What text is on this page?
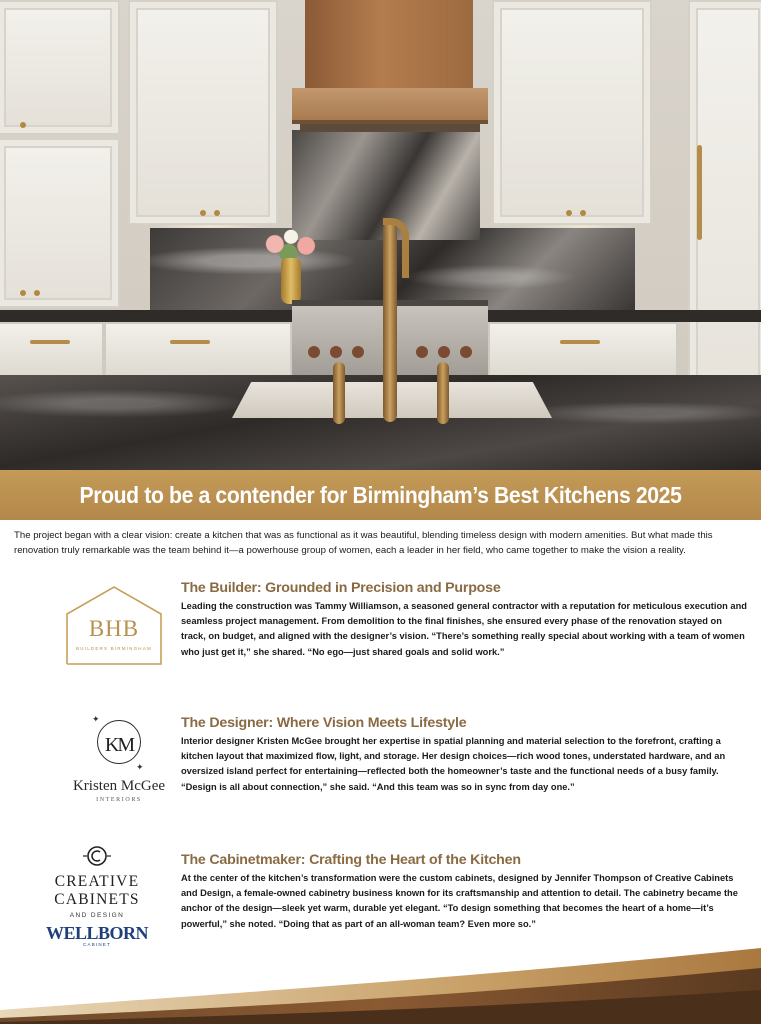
Proud to be a contender for Birmingham’s Best Kitchens 2025

The project began with a clear vision: create a kitchen that was as functional as it was beautiful, blending timeless design with modern amenities. But what made this renovation truly remarkable was the team behind it—a powerhouse group of women, each a leader in her field, who came together to make the vision a reality.

BHB
BUILDERS BIRMINGHAM
The Builder: Grounded in Precision and Purpose

Leading the construction was Tammy Williamson, a seasoned general contractor with a reputation for meticulous execution and seamless project management. From demolition to the final finishes, she ensured every phase of the renovation stayed on track, on budget, and aligned with the designer’s vision. “There’s something really special about working with a team of women who just get it,” she shared. “No ego—just shared goals and solid work.”

✦
✦
KM
Kristen McGee
INTERIORS
The Designer: Where Vision Meets Lifestyle

Interior designer Kristen McGee brought her expertise in spatial planning and material selection to the forefront, crafting a kitchen layout that maximized flow, light, and storage. Her design choices—rich wood tones, understated hardware, and an oversized island perfect for entertaining—reflected both the homeowner’s taste and the functional needs of a busy family. “Design is all about connection,” she said. “And this team was so in sync from day one.”

CREATIVE
CABINETS
AND DESIGN
WELLBORN
CABINET
The Cabinetmaker: Crafting the Heart of the Kitchen

At the center of the kitchen’s transformation were the custom cabinets, designed by Jennifer Thompson of Creative Cabinets and Design, a female-owned cabinetry business known for its craftsmanship and attention to detail. The cabinetry became the anchor of the design—sleek yet warm, durable yet elegant. “To design something that becomes the heart of a home—it’s powerful,” she noted. “Doing that as part of an all-woman team? Even more so.”
